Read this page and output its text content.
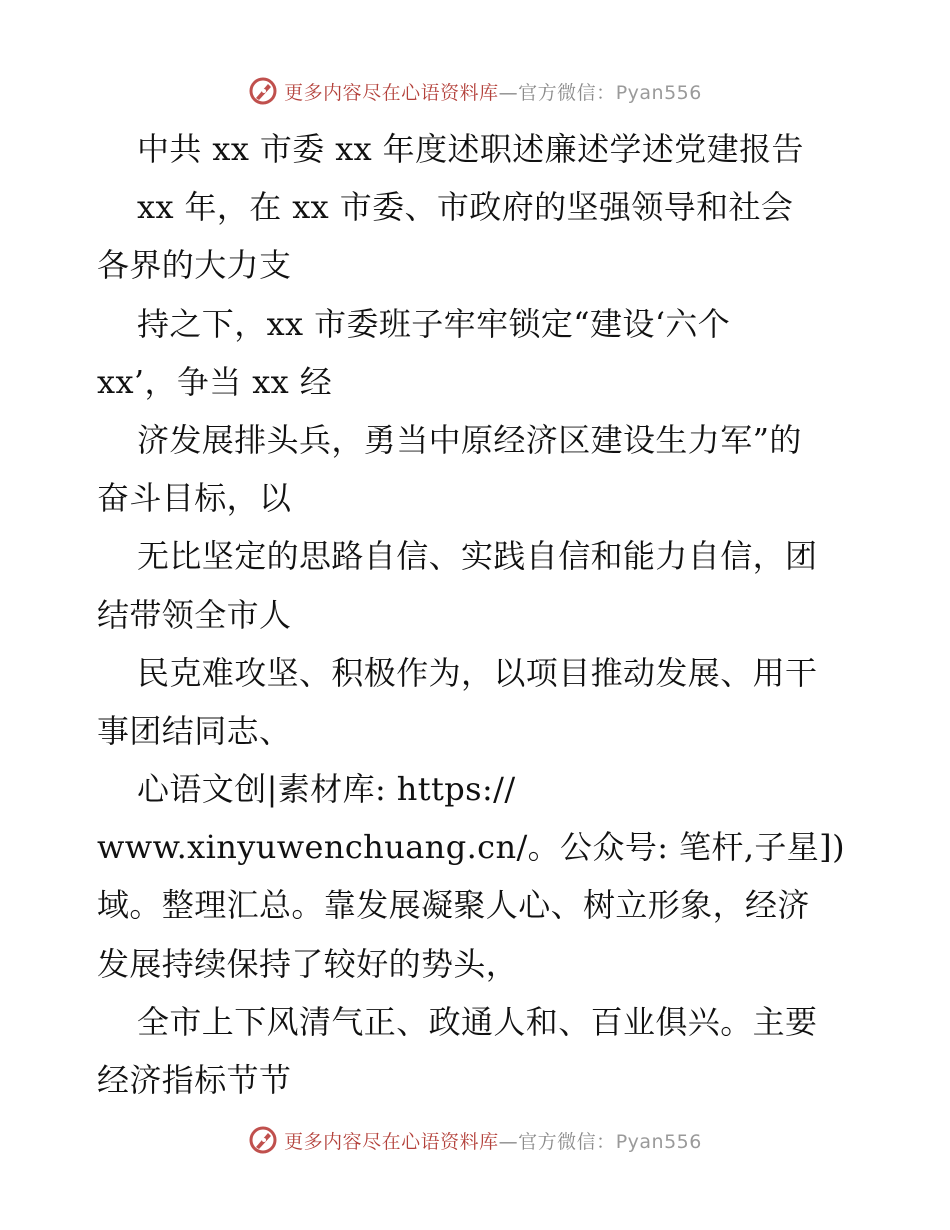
更多内容尽在心语资料库—官方微信：Pyan556
中共 xx 市委 xx 年度述职述廉述学述党建报告
xx 年，在 xx 市委、市政府的坚强领导和社会
各界的大力支
持之下，xx 市委班子牢牢锁定“建设‘六个
xx’，争当 xx 经
济发展排头兵，勇当中原经济区建设生力军”的
奋斗目标，以
无比坚定的思路自信、实践自信和能力自信，团
结带领全市人
民克难攻坚、积极作为，以项目推动发展、用干
事团结同志、
心语文创|素材库: https://
www.xinyuwenchuang.cn/。公众号: 笔杆,子星])
域。整理汇总。靠发展凝聚人心、树立形象，经济
发展持续保持了较好的势头，
全市上下风清气正、政通人和、百业俱兴。主要
经济指标节节
更多内容尽在心语资料库—官方微信：Pyan556
